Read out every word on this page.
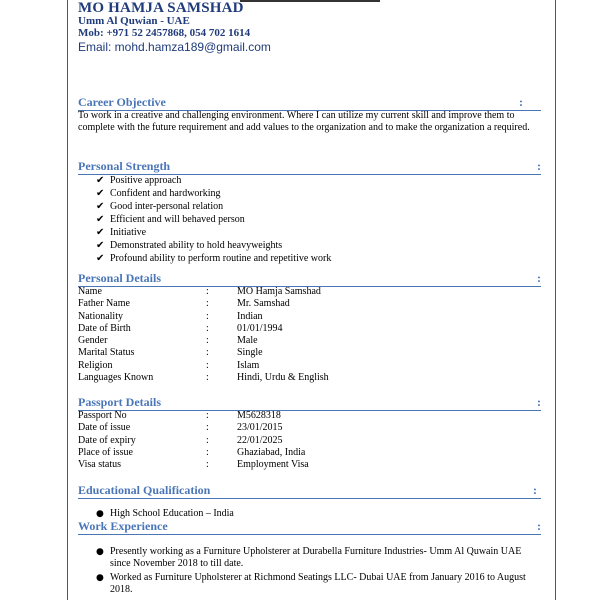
MO HAMJA SAMSHAD
Umm Al Quwian - UAE
Mob: +971 52 2457868, 054 702 1614
Email: mohd.hamza189@gmail.com
Career Objective	:
To work in a creative and challenging environment. Where I can utilize my current skill and improve them to complete with the future requirement and add values to the organization and to make the organization a required.
Personal Strength	:
✔ Positive approach
✔ Confident and hardworking
✔ Good inter-personal relation
✔ Efficient and will behaved person
✔ Initiative
✔ Demonstrated ability to hold heavyweights
✔ Profound ability to perform routine and repetitive work
Personal Details	:
Name	:	MO Hamja Samshad
Father Name	:	Mr. Samshad
Nationality	:	Indian
Date of Birth	:	01/01/1994
Gender	:	Male
Marital Status	:	Single
Religion	:	Islam
Languages Known	:	Hindi, Urdu & English
Passport Details	:
Passport No	:	M5628318
Date of issue	:	23/01/2015
Date of expiry	:	22/01/2025
Place of issue	:	Ghaziabad, India
Visa status	:	Employment Visa
Educational Qualification	:
● High School Education – India
Work Experience	:
● Presently working as a Furniture Upholsterer at Durabella Furniture Industries- Umm Al Quwain UAE since November 2018 to till date.
● Worked as Furniture Upholsterer at Richmond Seatings LLC- Dubai UAE from January 2016 to August 2018.
